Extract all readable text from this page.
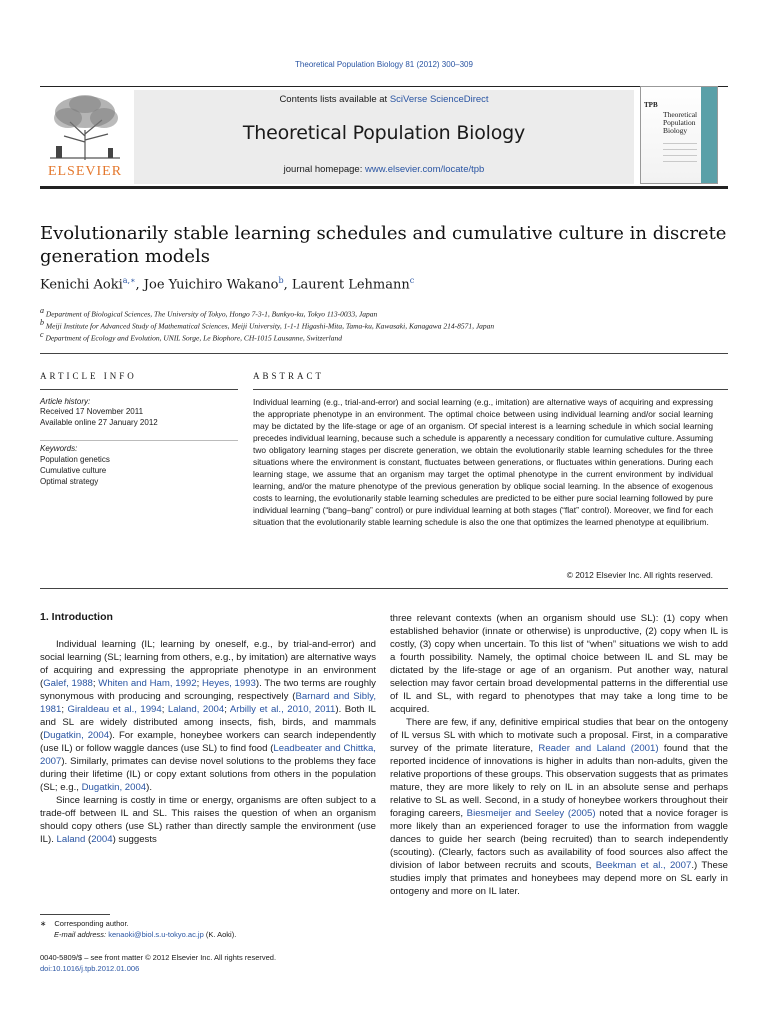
Theoretical Population Biology 81 (2012) 300–309
ELSEVIER
Contents lists available at SciVerse ScienceDirect
Theoretical Population Biology
journal homepage: www.elsevier.com/locate/tpb
TPB
Theoretical Population Biology
Evolutionarily stable learning schedules and cumulative culture in discrete generation models
Kenichi Aoki$^{a,∗}$, Joe Yuichiro Wakano$^b$, Laurent Lehmann$^c$
a Department of Biological Sciences, The University of Tokyo, Hongo 7-3-1, Bunkyo-ku, Tokyo 113-0033, Japan
b Meiji Institute for Advanced Study of Mathematical Sciences, Meiji University, 1-1-1 Higashi-Mita, Tama-ku, Kawasaki, Kanagawa 214-8571, Japan
c Department of Ecology and Evolution, UNIL Sorge, Le Biophore, CH-1015 Lausanne, Switzerland
ARTICLE INFO
Article history:
Received 17 November 2011
Available online 27 January 2012
Keywords:
Population genetics
Cumulative culture
Optimal strategy
ABSTRACT
Individual learning (e.g., trial-and-error) and social learning (e.g., imitation) are alternative ways of acquiring and expressing the appropriate phenotype in an environment. The optimal choice between using individual learning and/or social learning may be dictated by the life-stage or age of an organism. Of special interest is a learning schedule in which social learning precedes individual learning, because such a schedule is apparently a necessary condition for cumulative culture. Assuming two obligatory learning stages per discrete generation, we obtain the evolutionarily stable learning schedules for the three situations where the environment is constant, fluctuates between generations, or fluctuates within generations. During each learning stage, we assume that an organism may target the optimal phenotype in the current environment by individual learning, and/or the mature phenotype of the previous generation by oblique social learning. In the absence of exogenous costs to learning, the evolutionarily stable learning schedules are predicted to be either pure social learning followed by pure individual learning (“bang–bang” control) or pure individual learning at both stages (“flat” control). Moreover, we find for each situation that the evolutionarily stable learning schedule is also the one that optimizes the learned phenotype at equilibrium.
© 2012 Elsevier Inc. All rights reserved.
1. Introduction

Individual learning (IL; learning by oneself, e.g., by trial-and-error) and social learning (SL; learning from others, e.g., by imitation) are alternative ways of acquiring and expressing the appropriate phenotype in an environment (Galef, 1988; Whiten and Ham, 1992; Heyes, 1993). The two terms are roughly synonymous with producing and scrounging, respectively (Barnard and Sibly, 1981; Giraldeau et al., 1994; Laland, 2004; Arbilly et al., 2010, 2011). Both IL and SL are widely distributed among insects, fish, birds, and mammals (Dugatkin, 2004). For example, honeybee workers can search independently (use IL) or follow waggle dances (use SL) to find food (Leadbeater and Chittka, 2007). Similarly, primates can devise novel solutions to the problems they face during their lifetime (IL) or copy extant solutions from others in the population (SL; e.g., Dugatkin, 2004).

Since learning is costly in time or energy, organisms are often subject to a trade-off between IL and SL. This raises the question of when an organism should copy others (use SL) rather than directly sample the environment (use IL). Laland (2004) suggests

three relevant contexts (when an organism should use SL): (1) copy when established behavior (innate or otherwise) is unproductive, (2) copy when IL is costly, (3) copy when uncertain. To this list of “when” situations we wish to add a fourth possibility. Namely, the optimal choice between IL and SL may be dictated by the life-stage or age of an organism. Put another way, natural selection may favor certain broad developmental patterns in the differential use of IL and SL, with regard to phenotypes that may take a long time to be acquired.

There are few, if any, definitive empirical studies that bear on the ontogeny of IL versus SL with which to motivate such a proposal. First, in a comparative survey of the primate literature, Reader and Laland (2001) found that the reported incidence of innovations is higher in adults than non-adults, given the relative proportions of these groups. This observation suggests that as primates mature, they are more likely to rely on IL in an absolute sense and perhaps relative to SL as well. Second, in a study of honeybee workers throughout their foraging careers, Biesmeijer and Seeley (2005) noted that a novice forager is more likely than an experienced forager to use the information from waggle dances to guide her search (being recruited) than to search independently (scouting). (Clearly, factors such as availability of food sources also affect the division of labor between recruits and scouts, Beekman et al., 2007.) These studies imply that primates and honeybees may depend more on SL early in ontogeny and more on IL later.

∗ Corresponding author.
E-mail address: kenaoki@biol.s.u-tokyo.ac.jp (K. Aoki).
0040-5809/$ – see front matter © 2012 Elsevier Inc. All rights reserved.
doi:10.1016/j.tpb.2012.01.006
